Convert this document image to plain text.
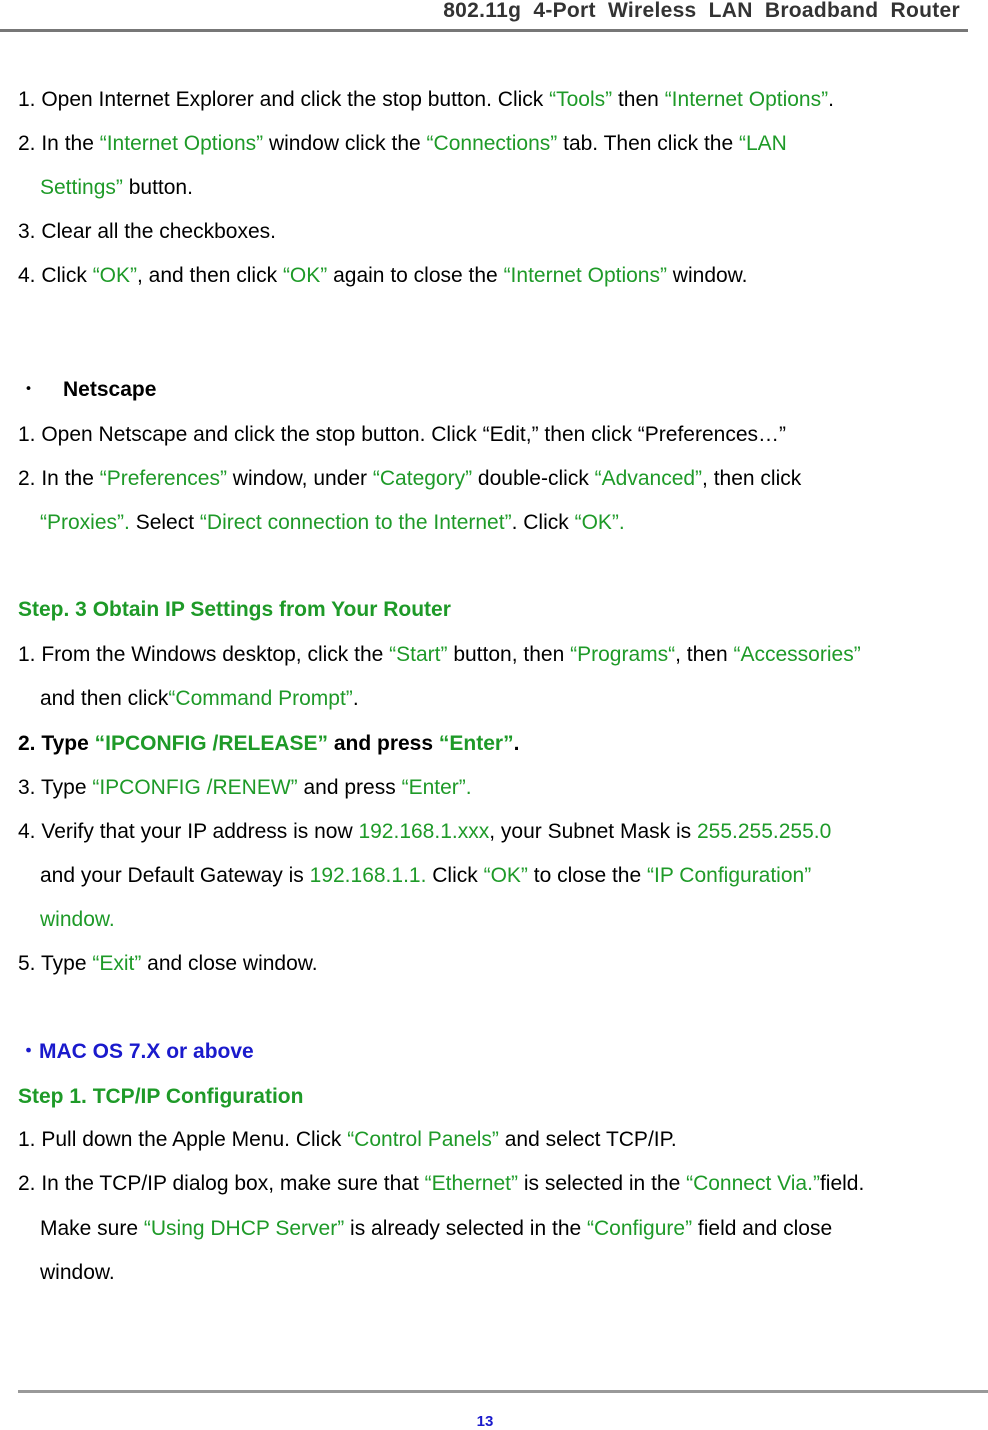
802.11g 4-Port Wireless LAN Broadband Router
1. Open Internet Explorer and click the stop button. Click “Tools” then “Internet Options”.
2. In the “Internet Options” window click the “Connections” tab. Then click the “LAN
Settings” button.
3. Clear all the checkboxes.
4. Click “OK”, and then click “OK” again to close the “Internet Options” window.
・ Netscape
1. Open Netscape and click the stop button. Click “Edit,” then click “Preferences…”
2. In the “Preferences” window, under “Category” double-click “Advanced”, then click
“Proxies”. Select “Direct connection to the Internet”. Click “OK”.
Step. 3 Obtain IP Settings from Your Router
1. From the Windows desktop, click the “Start” button, then “Programs“, then “Accessories”
and then click“Command Prompt”.
2. Type “IPCONFIG /RELEASE” and press “Enter”.
3. Type “IPCONFIG /RENEW” and press “Enter”.
4. Verify that your IP address is now 192.168.1.xxx, your Subnet Mask is 255.255.255.0
and your Default Gateway is 192.168.1.1. Click “OK” to close the “IP Configuration”
window.
5. Type “Exit” and close window.
・MAC OS 7.X or above
Step 1. TCP/IP Configuration
1. Pull down the Apple Menu. Click “Control Panels” and select TCP/IP.
2. In the TCP/IP dialog box, make sure that “Ethernet” is selected in the “Connect Via.”field.
Make sure “Using DHCP Server” is already selected in the “Configure” field and close
window.
13
